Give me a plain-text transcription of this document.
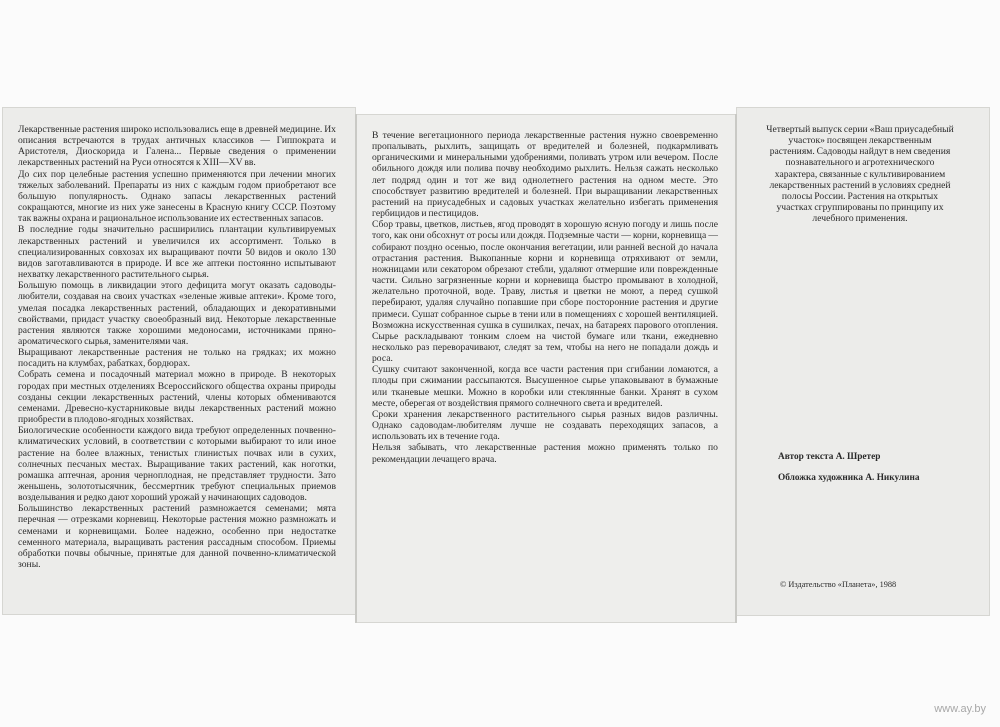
Лекарственные растения широко использовались еще в древней медицине. Их описания встречаются в трудах античных классиков — Гиппократа и Аристотеля, Диоскорида и Галена... Первые сведения о применении лекарственных растений на Руси относятся к XIII—XV вв.
До сих пор целебные растения успешно применяются при лечении многих тяжелых заболеваний. Препараты из них с каждым годом приобретают все большую популярность. Однако запасы лекарственных растений сокращаются, многие из них уже занесены в Красную книгу СССР. Поэтому так важны охрана и рациональное использование их естественных запасов.
В последние годы значительно расширились плантации культивируемых лекарственных растений и увеличился их ассортимент. Только в специализированных совхозах их выращивают почти 50 видов и около 130 видов заготавливаются в природе. И все же аптеки постоянно испытывают нехватку лекарственного растительного сырья.
Большую помощь в ликвидации этого дефицита могут оказать садоводы-любители, создавая на своих участках «зеленые живые аптеки». Кроме того, умелая посадка лекарственных растений, обладающих и декоративными свойствами, придаст участку своеобразный вид. Некоторые лекарственные растения являются также хорошими медоносами, источниками пряно-ароматического сырья, заменителями чая.
Выращивают лекарственные растения не только на грядках; их можно посадить на клумбах, рабатках, бордюрах.
Собрать семена и посадочный материал можно в природе. В некоторых городах при местных отделениях Всероссийского общества охраны природы созданы секции лекарственных растений, члены которых обмениваются семенами. Древесно-кустарниковые виды лекарственных растений можно приобрести в плодово-ягодных хозяйствах.
Биологические особенности каждого вида требуют определенных почвенно-климатических условий, в соответствии с которыми выбирают то или иное растение на более влажных, тенистых глинистых почвах или в сухих, солнечных песчаных местах. Выращивание таких растений, как ноготки, ромашка аптечная, арония черноплодная, не представляет трудности. Зато женьшень, золототысячник, бессмертник требуют специальных приемов возделывания и редко дают хороший урожай у начинающих садоводов.
Большинство лекарственных растений размножается семенами; мята перечная — отрезками корневищ. Некоторые растения можно размножать и семенами и корневищами. Более надежно, особенно при недостатке семенного материала, выращивать растения рассадным способом. Приемы обработки почвы обычные, принятые для данной почвенно-климатической зоны.
В течение вегетационного периода лекарственные растения нужно своевременно пропалывать, рыхлить, защищать от вредителей и болезней, подкармливать органическими и минеральными удобрениями, поливать утром или вечером. После обильного дождя или полива почву необходимо рыхлить. Нельзя сажать несколько лет подряд один и тот же вид однолетнего растения на одном месте. Это способствует развитию вредителей и болезней. При выращивании лекарственных растений на приусадебных и садовых участках желательно избегать применения гербицидов и пестицидов.
Сбор травы, цветков, листьев, ягод проводят в хорошую ясную погоду и лишь после того, как они обсохнут от росы или дождя. Подземные части — корни, корневища — собирают поздно осенью, после окончания вегетации, или ранней весной до начала отрастания растения. Выкопанные корни и корневища отряхивают от земли, ножницами или секатором обрезают стебли, удаляют отмершие или поврежденные части. Сильно загрязненные корни и корневища быстро промывают в холодной, желательно проточной, воде. Траву, листья и цветки не моют, а перед сушкой перебирают, удаляя случайно попавшие при сборе посторонние растения и другие примеси. Сушат собранное сырье в тени или в помещениях с хорошей вентиляцией. Возможна искусственная сушка в сушилках, печах, на батареях парового отопления. Сырье раскладывают тонким слоем на чистой бумаге или ткани, ежедневно несколько раз переворачивают, следят за тем, чтобы на него не попадали дождь и роса.
Сушку считают законченной, когда все части растения при сгибании ломаются, а плоды при сжимании рассыпаются. Высушенное сырье упаковывают в бумажные или тканевые мешки. Можно в коробки или стеклянные банки. Хранят в сухом месте, оберегая от воздействия прямого солнечного света и вредителей.
Сроки хранения лекарственного растительного сырья разных видов различны. Однако садоводам-любителям лучше не создавать переходящих запасов, а использовать их в течение года.
Нельзя забывать, что лекарственные растения можно применять только по рекомендации лечащего врача.
Четвертый выпуск серии «Ваш приусадебный участок» посвящен лекарственным растениям. Садоводы найдут в нем сведения познавательного и агротехнического характера, связанные с культивированием лекарственных растений в условиях средней полосы России. Растения на открытых участках сгруппированы по принципу их лечебного применения.
Автор текста А. Шретер
Обложка художника А. Никулина
© Издательство «Планета», 1988
www.ay.by
